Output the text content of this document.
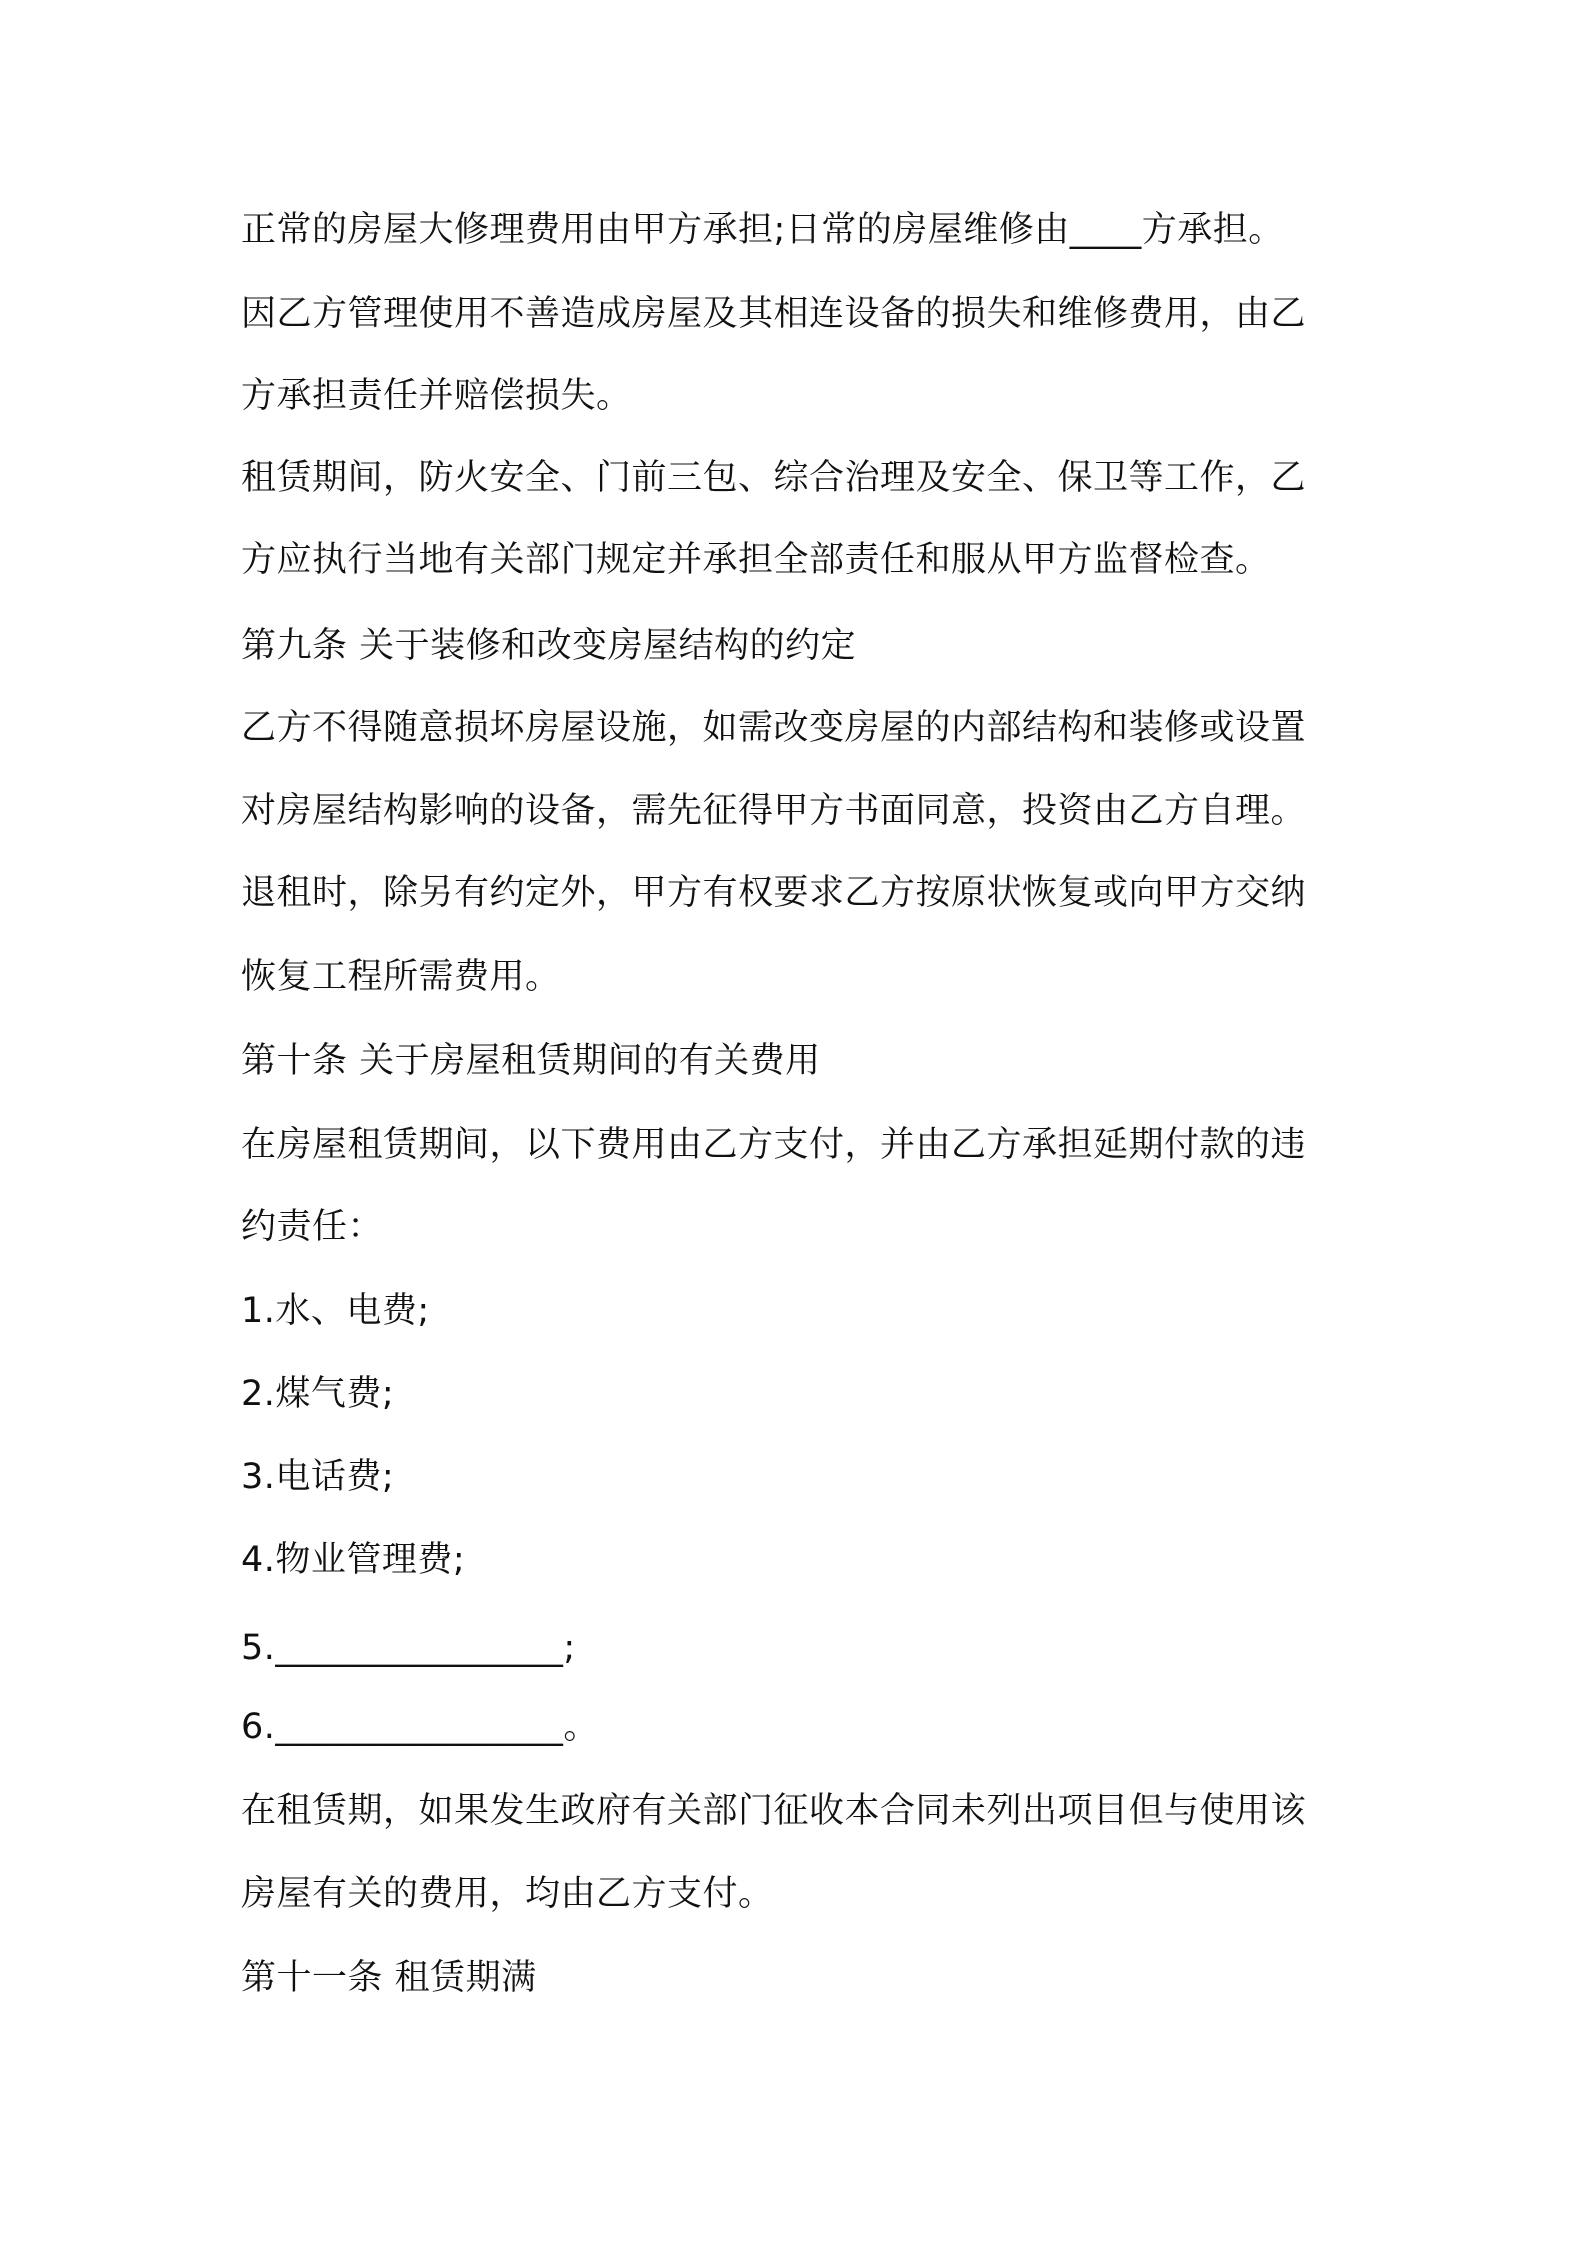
正常的房屋大修理费用由甲方承担;日常的房屋维修由____方承担。
因乙方管理使用不善造成房屋及其相连设备的损失和维修费用，由乙
方承担责任并赔偿损失。
租赁期间，防火安全、门前三包、综合治理及安全、保卫等工作，乙
方应执行当地有关部门规定并承担全部责任和服从甲方监督检查。
第九条 关于装修和改变房屋结构的约定
乙方不得随意损坏房屋设施，如需改变房屋的内部结构和装修或设置
对房屋结构影响的设备，需先征得甲方书面同意，投资由乙方自理。
退租时，除另有约定外，甲方有权要求乙方按原状恢复或向甲方交纳
恢复工程所需费用。
第十条 关于房屋租赁期间的有关费用
在房屋租赁期间，以下费用由乙方支付，并由乙方承担延期付款的违
约责任：
1.水、电费;
2.煤气费;
3.电话费;
4.物业管理费;
5.________________;
6.________________。
在租赁期，如果发生政府有关部门征收本合同未列出项目但与使用该
房屋有关的费用，均由乙方支付。
第十一条 租赁期满
